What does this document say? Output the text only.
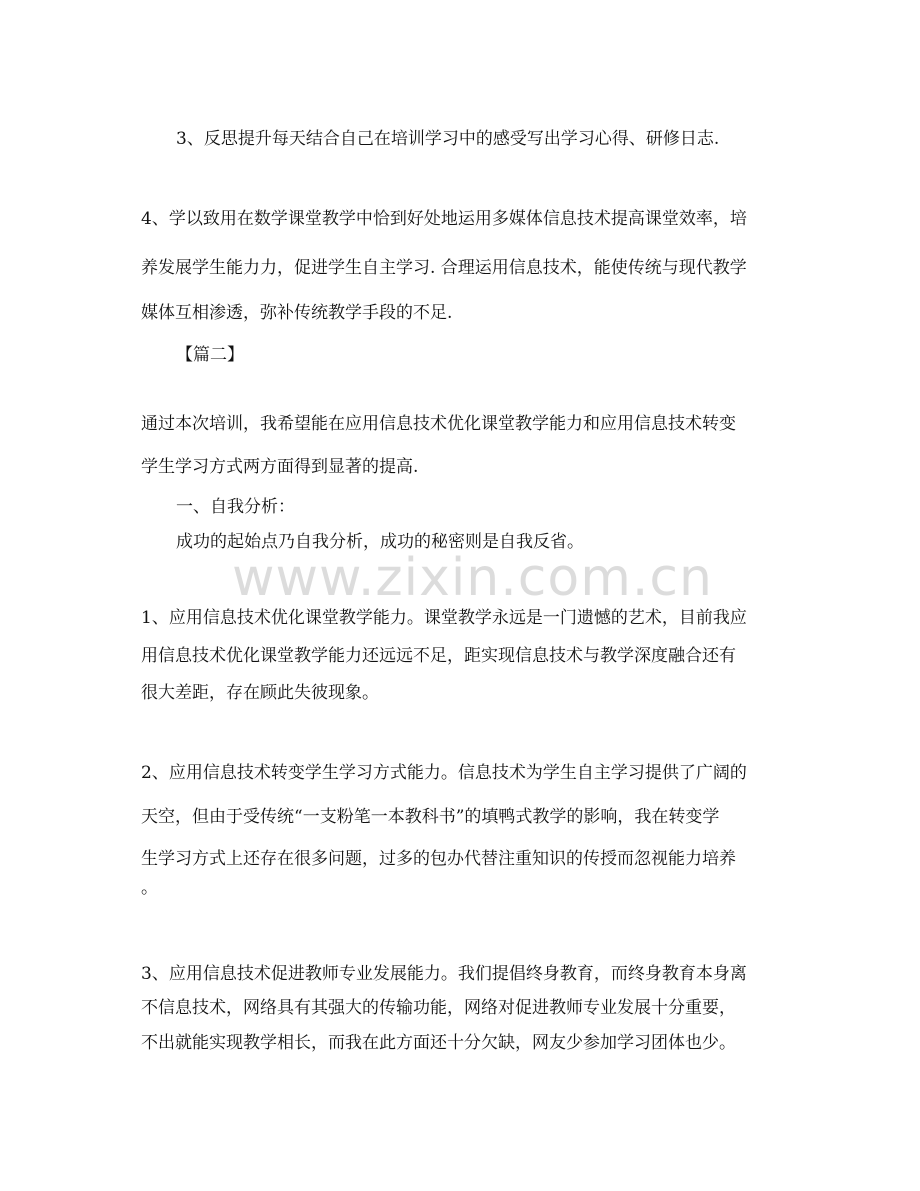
www.zixin.com.cn
3、反思提升每天结合自己在培训学习中的感受写出学习心得、研修日志.
4、学以致用在数学课堂教学中恰到好处地运用多媒体信息技术提高课堂效率，培
养发展学生能力力，促进学生自主学习. 合理运用信息技术，能使传统与现代教学
媒体互相渗透，弥补传统教学手段的不足.
【篇二】
通过本次培训，我希望能在应用信息技术优化课堂教学能力和应用信息技术转变
学生学习方式两方面得到显著的提高.
一、自我分析：
成功的起始点乃自我分析，成功的秘密则是自我反省。
1、应用信息技术优化课堂教学能力。课堂教学永远是一门遗憾的艺术，目前我应
用信息技术优化课堂教学能力还远远不足，距实现信息技术与教学深度融合还有
很大差距，存在顾此失彼现象。
2、应用信息技术转变学生学习方式能力。信息技术为学生自主学习提供了广阔的
天空，但由于受传统“一支粉笔一本教科书”的填鸭式教学的影响，我在转变学
生学习方式上还存在很多问题，过多的包办代替注重知识的传授而忽视能力培养
。
3、应用信息技术促进教师专业发展能力。我们提倡终身教育，而终身教育本身离
不信息技术，网络具有其强大的传输功能，网络对促进教师专业发展十分重要，
不出就能实现教学相长，而我在此方面还十分欠缺，网友少参加学习团体也少。
